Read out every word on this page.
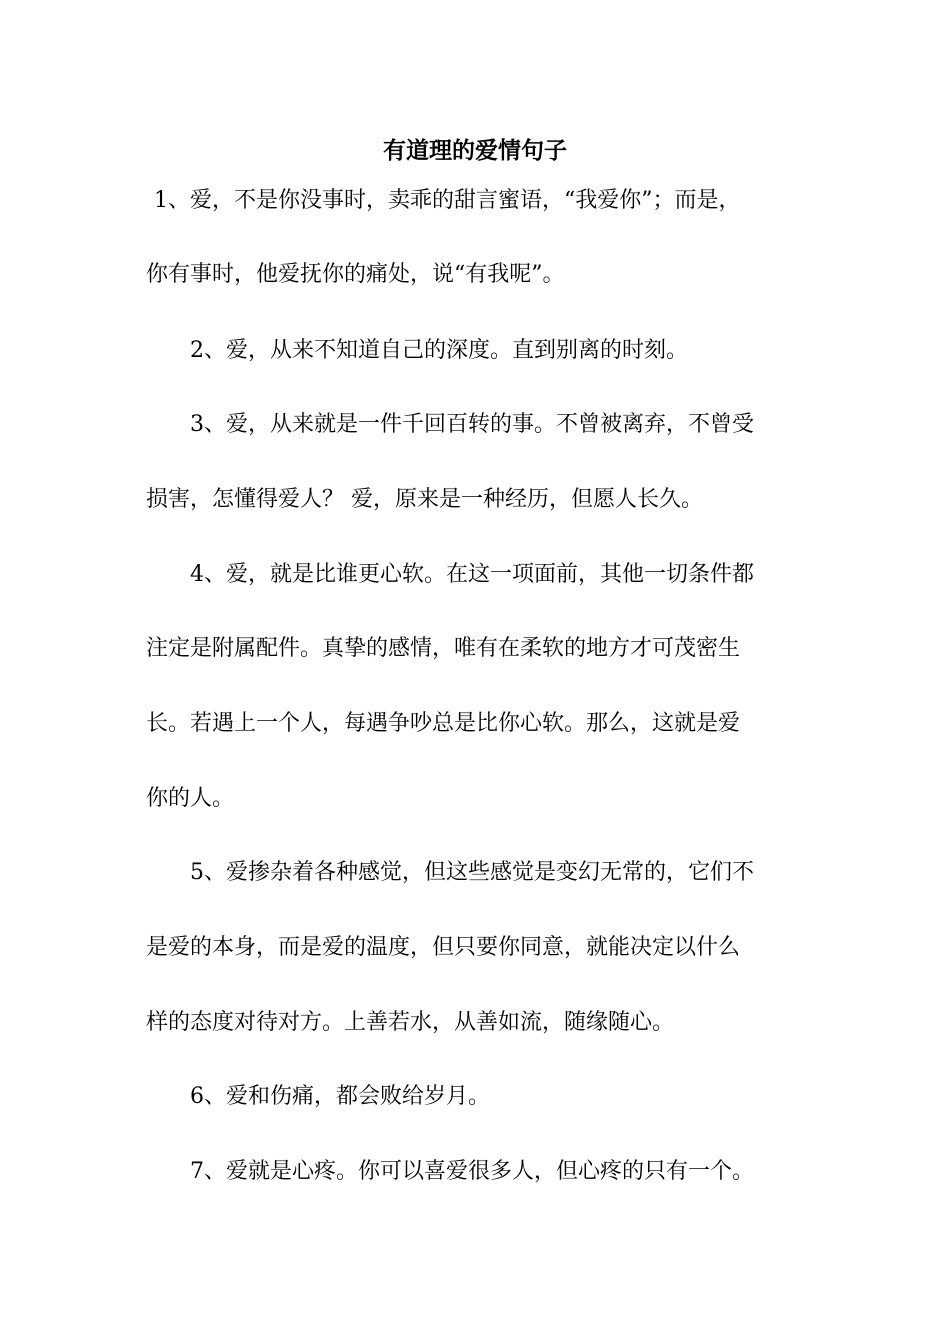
有道理的爱情句子
1、爱，不是你没事时，卖乖的甜言蜜语，“我爱你”；而是，
你有事时，他爱抚你的痛处，说“有我呢”。
2、爱，从来不知道自己的深度。直到别离的时刻。
3、爱，从来就是一件千回百转的事。不曾被离弃，不曾受
损害，怎懂得爱人？ 爱，原来是一种经历，但愿人长久。
4、爱，就是比谁更心软。在这一项面前，其他一切条件都
注定是附属配件。真挚的感情，唯有在柔软的地方才可茂密生
长。若遇上一个人，每遇争吵总是比你心软。那么，这就是爱
你的人。
5、爱掺杂着各种感觉，但这些感觉是变幻无常的，它们不
是爱的本身，而是爱的温度，但只要你同意，就能决定以什么
样的态度对待对方。上善若水，从善如流，随缘随心。
6、爱和伤痛，都会败给岁月。
7、爱就是心疼。你可以喜爱很多人，但心疼的只有一个。
